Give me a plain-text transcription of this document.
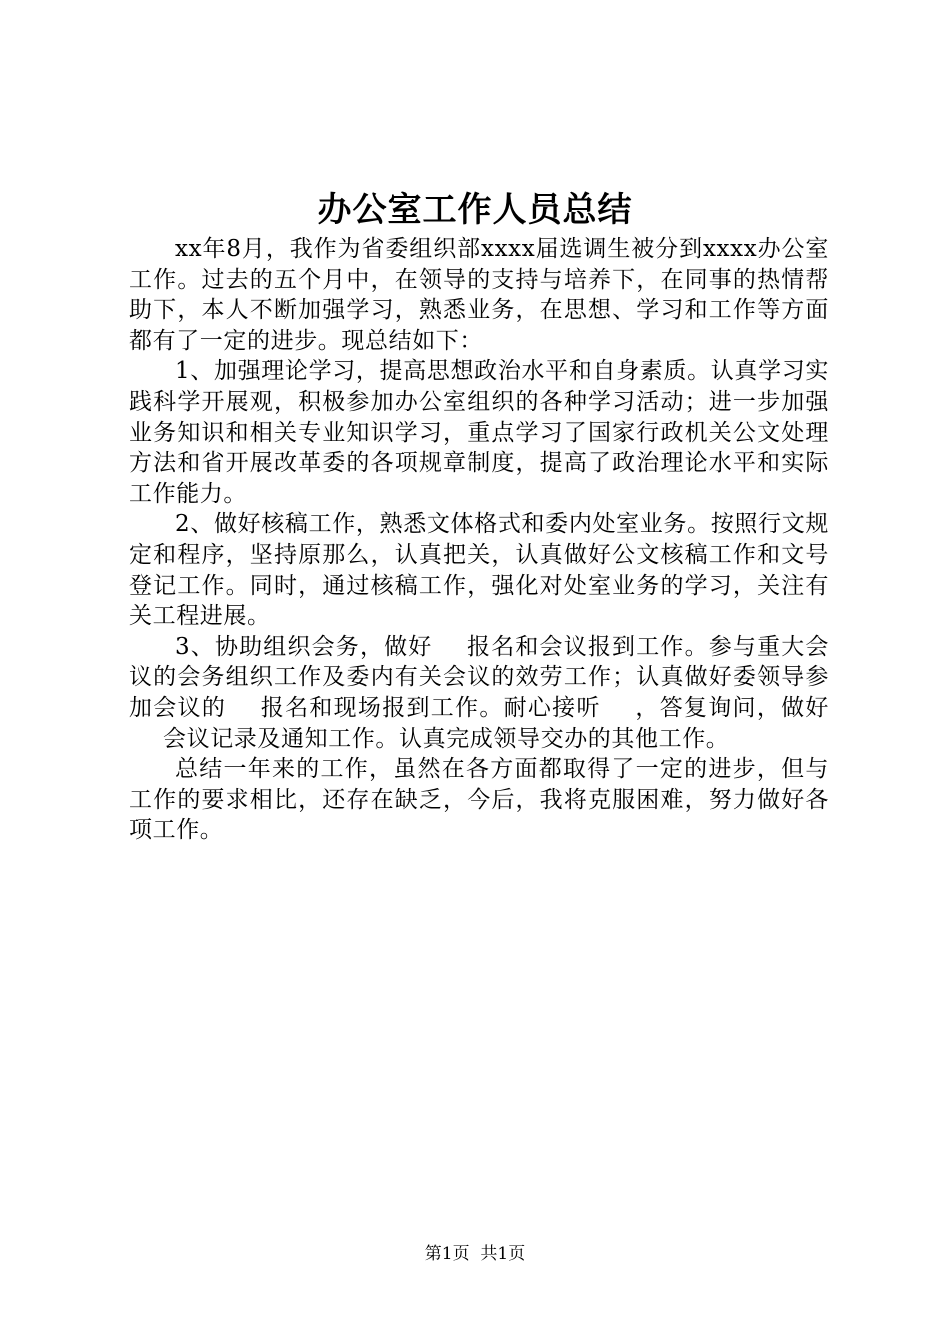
办公室工作人员总结

xx年8月，我作为省委组织部xxxx届选调生被分到xxxx办公室工作。过去的五个月中，在领导的支持与培养下，在同事的热情帮助下，本人不断加强学习，熟悉业务，在思想、学习和工作等方面都有了一定的进步。现总结如下：

1、加强理论学习，提高思想政治水平和自身素质。认真学习实践科学开展观，积极参加办公室组织的各种学习活动；进一步加强业务知识和相关专业知识学习，重点学习了国家行政机关公文处理方法和省开展改革委的各项规章制度，提高了政治理论水平和实际工作能力。

2、做好核稿工作，熟悉文体格式和委内处室业务。按照行文规定和程序，坚持原那么，认真把关，认真做好公文核稿工作和文号登记工作。同时，通过核稿工作，强化对处室业务的学习，关注有关工程进展。

3、协助组织会务，做好 报名和会议报到工作。参与重大会议的会务组织工作及委内有关会议的效劳工作；认真做好委领导参加会议的 报名和现场报到工作。耐心接听 ，答复询问，做好会议记录及通知工作。认真完成领导交办的其他工作。

总结一年来的工作，虽然在各方面都取得了一定的进步，但与工作的要求相比，还存在缺乏，今后，我将克服困难，努力做好各项工作。

第1页 共1页
